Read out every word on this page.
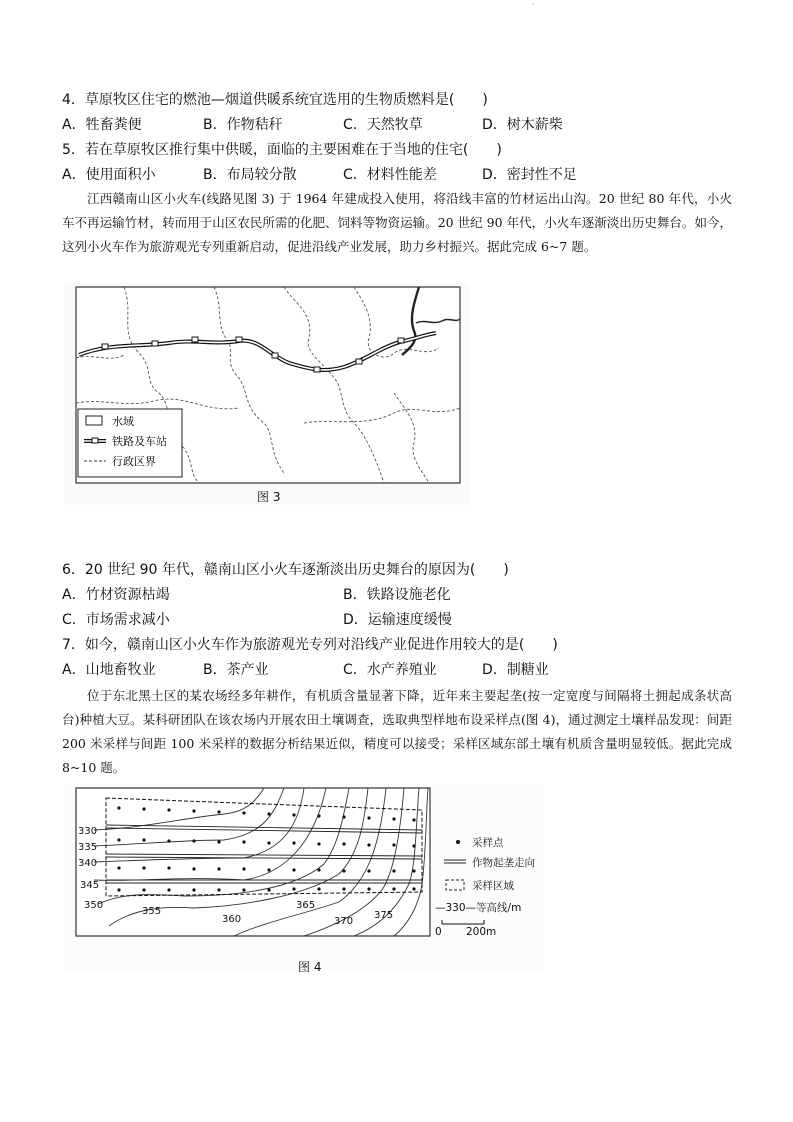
·
4．草原牧区住宅的燃池—烟道供暖系统宜选用的生物质燃料是(　　)
A．牲畜粪便	B．作物秸秆	C．天然牧草	D．树木薪柴
5．若在草原牧区推行集中供暖，面临的主要困难在于当地的住宅(　　)
A．使用面积小	B．布局较分散	C．材料性能差	D．密封性不足
江西赣南山区小火车(线路见图 3) 于 1964 年建成投入使用，将沿线丰富的竹材运出山沟。20 世纪 80 年代，小火车不再运输竹材，转而用于山区农民所需的化肥、饲料等物资运输。20 世纪 90 年代，小火车逐渐淡出历史舞台。如今，这列小火车作为旅游观光专列重新启动，促进沿线产业发展，助力乡村振兴。据此完成 6~7 题。
水域
铁路及车站
行政区界
图 3
6．20 世纪 90 年代，赣南山区小火车逐渐淡出历史舞台的原因为(　　)
A．竹材资源枯竭	B．铁路设施老化
C．市场需求减小	D．运输速度缓慢
7．如今，赣南山区小火车作为旅游观光专列对沿线产业促进作用较大的是(　　)
A．山地畜牧业	B．茶产业	C．水产养殖业	D．制糖业
位于东北黑土区的某农场经多年耕作，有机质含量显著下降，近年来主要起垄(按一定宽度与间隔将土拥起成条状高台)种植大豆。某科研团队在该农场内开展农田土壤调查，选取典型样地布设采样点(图 4)，通过测定土壤样品发现：间距 200 米采样与间距 100 米采样的数据分析结果近似，精度可以接受；采样区域东部土壤有机质含量明显较低。据此完成 8~10 题。
330
335
340
345
350
355
360
365
370
375
采样点
作物起垄走向
采样区域
—330—等高线/m
0 200m
图 4
